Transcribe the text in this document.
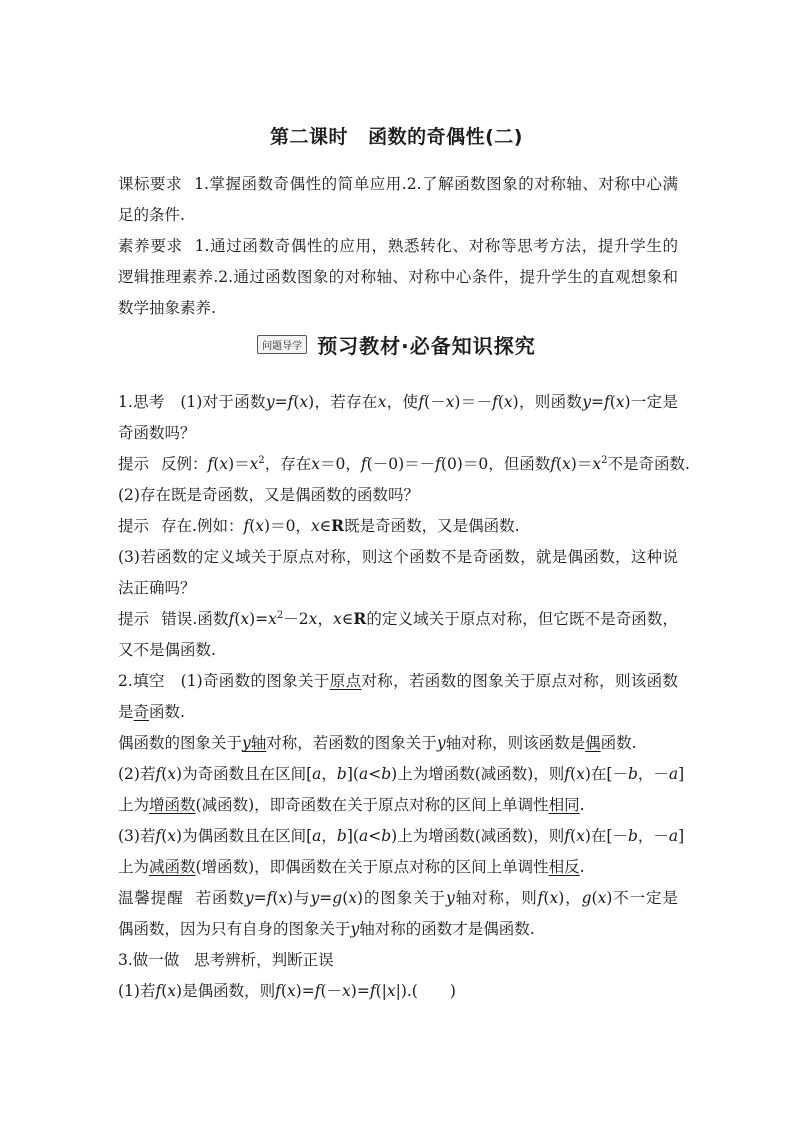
第二课时 函数的奇偶性(二)
课标要求 1.掌握函数奇偶性的简单应用.2.了解函数图象的对称轴、对称中心满
足的条件.
素养要求 1.通过函数奇偶性的应用，熟悉转化、对称等思考方法，提升学生的
逻辑推理素养.2.通过函数图象的对称轴、对称中心条件，提升学生的直观想象和
数学抽象素养.
问题导学 预习教材·必备知识探究
1.思考 (1)对于函数y=f(x)，若存在x，使f(－x)＝－f(x)，则函数y=f(x)一定是
奇函数吗？
提示 反例：$f(x)=x^2$，存在x＝0，f(－0)＝－f(0)＝0，但函数$f(x)=x^2$不是奇函数.
(2)存在既是奇函数，又是偶函数的函数吗？
提示 存在.例如：f(x)＝0，x∈R既是奇函数，又是偶函数.
(3)若函数的定义域关于原点对称，则这个函数不是奇函数，就是偶函数，这种说
法正确吗？
提示 错误.函数$f(x)=x^2-2x$，x∈R的定义域关于原点对称，但它既不是奇函数，
又不是偶函数.
2.填空 (1)奇函数的图象关于原点对称，若函数的图象关于原点对称，则该函数
是奇函数.
偶函数的图象关于y轴对称，若函数的图象关于y轴对称，则该函数是偶函数.
(2)若f(x)为奇函数且在区间[a，b](a<b)上为增函数(减函数)，则f(x)在[－b，－a]
上为增函数(减函数)，即奇函数在关于原点对称的区间上单调性相同.
(3)若f(x)为偶函数且在区间[a，b](a<b)上为增函数(减函数)，则f(x)在[－b，－a]
上为减函数(增函数)，即偶函数在关于原点对称的区间上单调性相反.
温馨提醒 若函数y=f(x)与y=g(x)的图象关于y轴对称，则f(x)，g(x)不一定是
偶函数，因为只有自身的图象关于y轴对称的函数才是偶函数.
3.做一做 思考辨析，判断正误
(1)若f(x)是偶函数，则f(x)=f(－x)=f(|x|).( )
